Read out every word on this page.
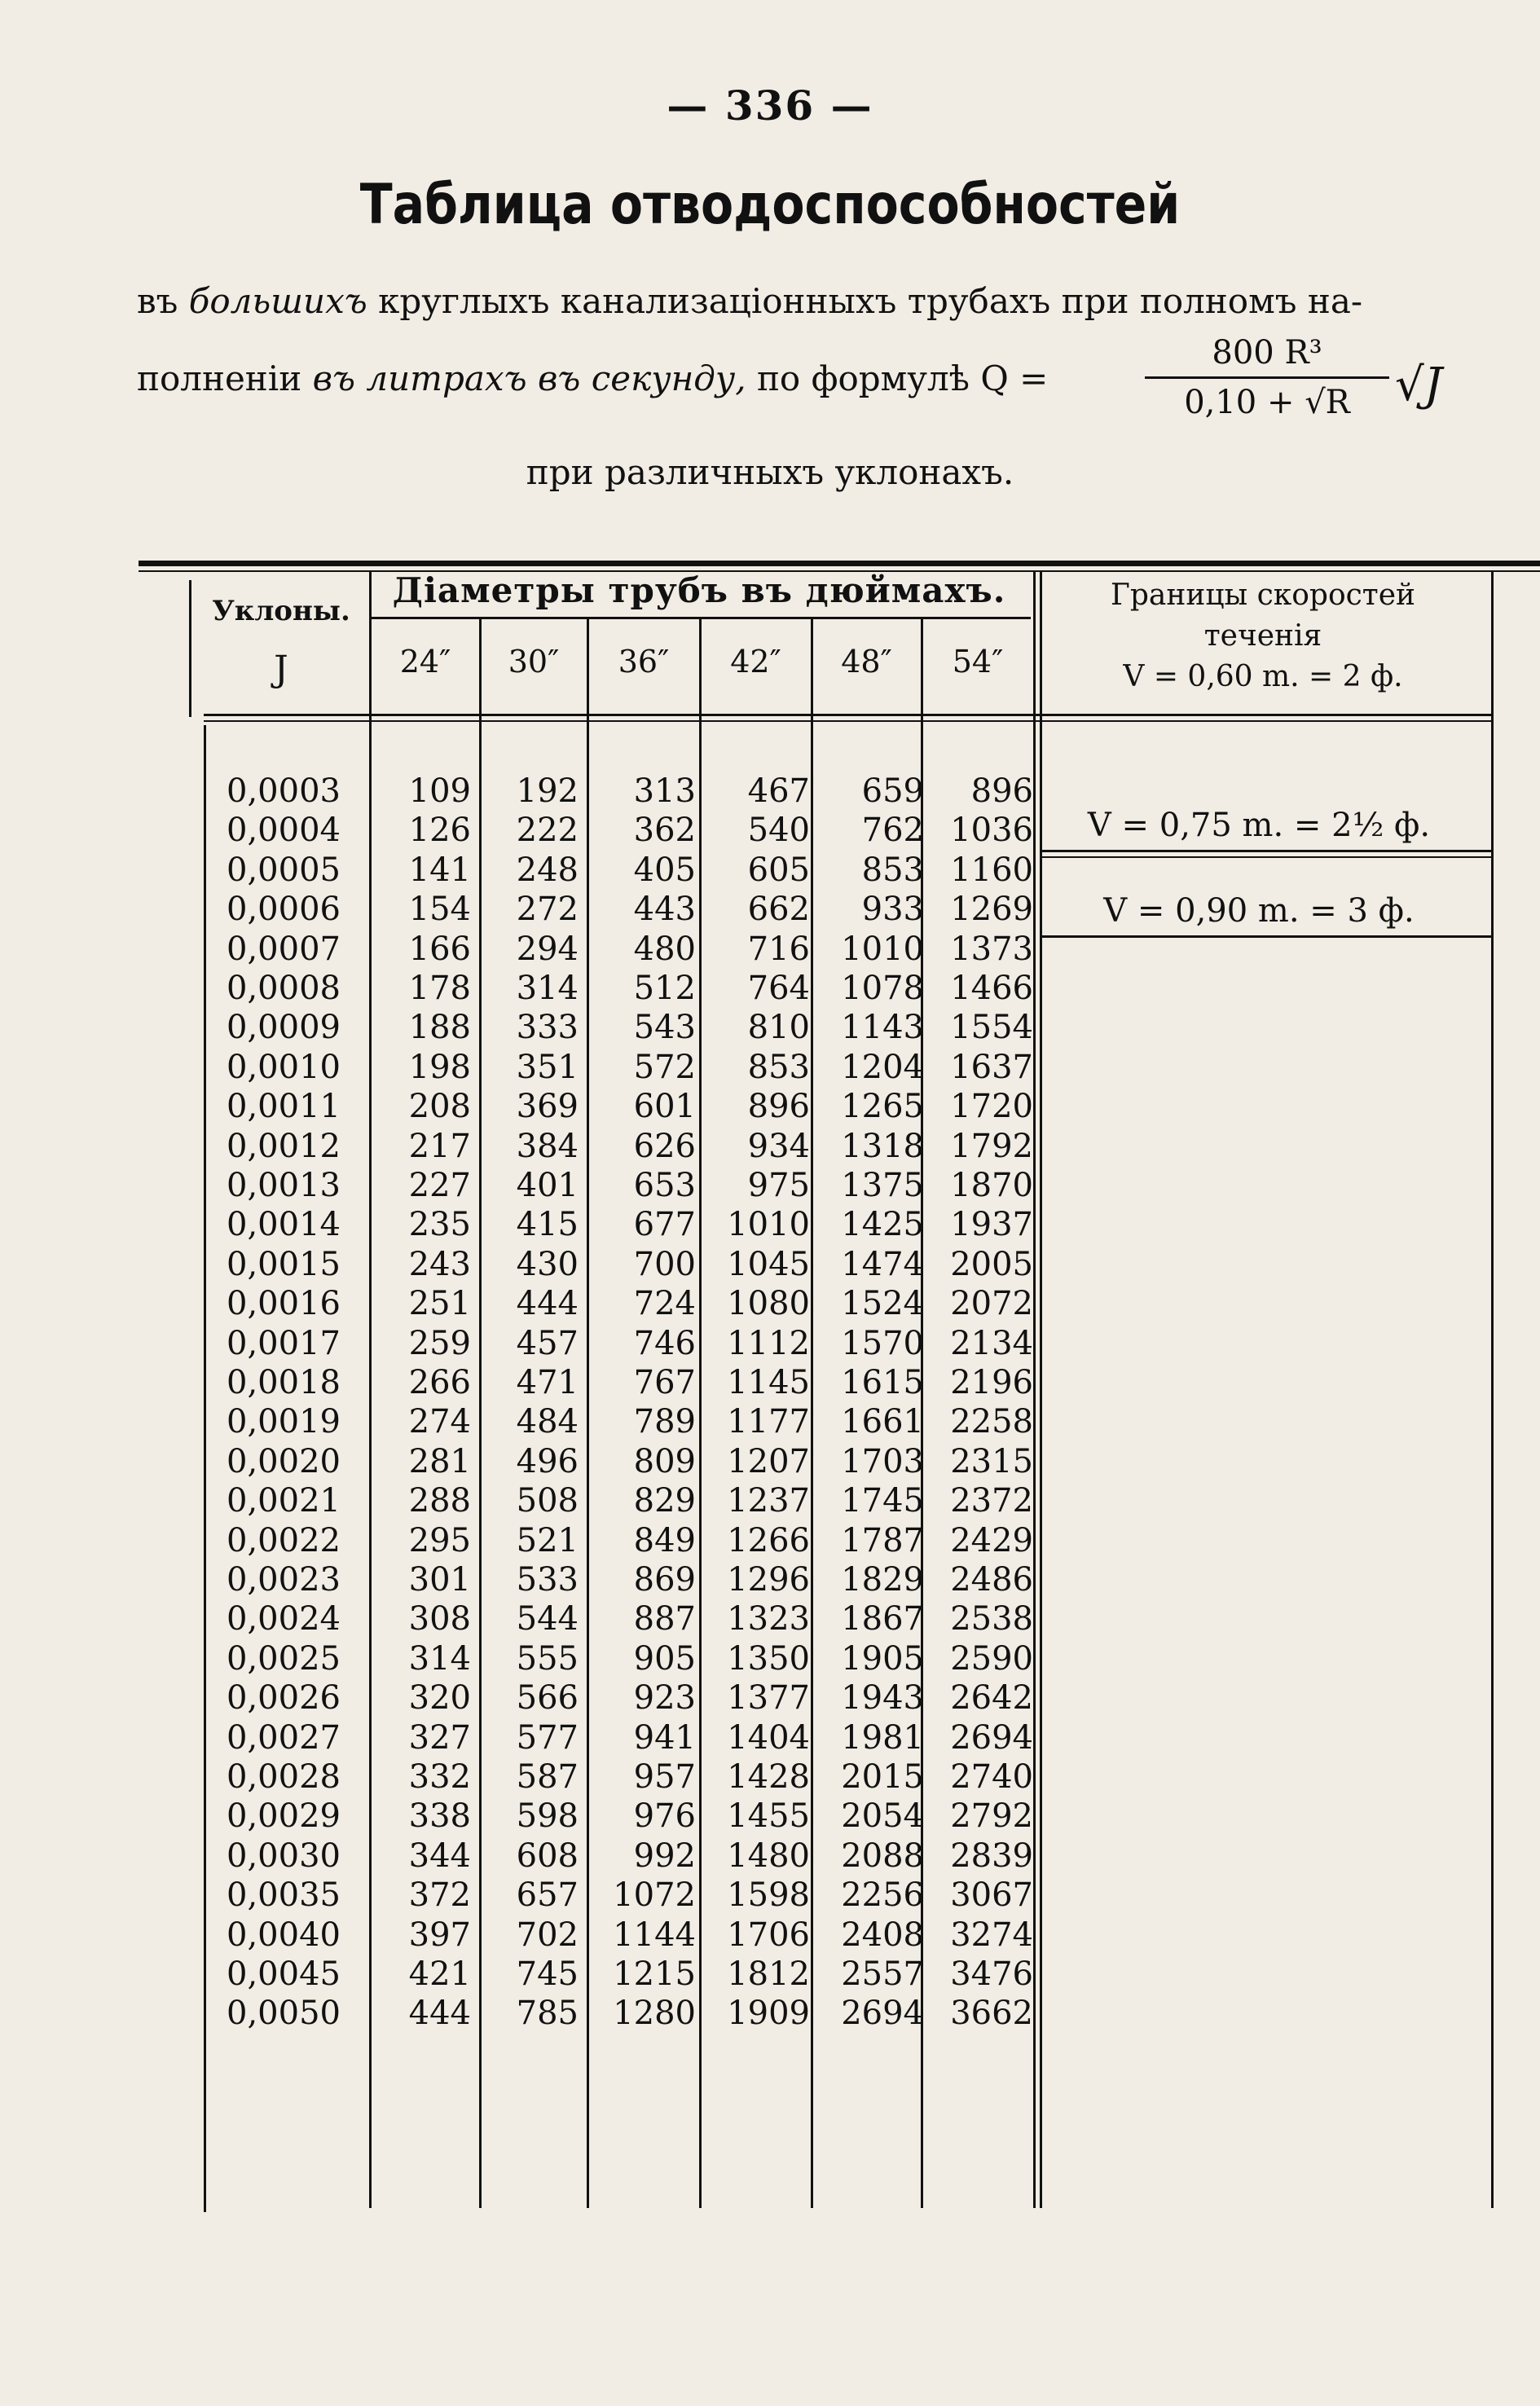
— 336 —
Таблица отводоспособностей
въ большихъ круглыхъ канализаціонныхъ трубахъ при полномъ на-
полненіи въ литрахъ въ секунду, по формулѣ Q =
800 R³
0,10 + √R √J
при различныхъ уклонахъ.
Уклоны.
J
Діаметры трубъ въ дюймахъ.
24″	30″	36″	42″	48″	54″
Границы скоростей
теченія
V = 0,60 m. = 2 ф.
V = 0,75 m. = 2½ ф.
V = 0,90 m. = 3 ф.
0,0003	109	192	313	467	659	896
0,0004	126	222	362	540	762 1036
0,0005	141	248	405	605	853 1160
0,0006	154	272	443	662	933 1269
0,0007	166	294	480	716 1010 1373
0,0008	178	314	512	764 1078 1466
0,0009	188	333	543	810 1143 1554
0,0010	198	351	572	853 1204 1637
0,0011	208	369	601	896 1265 1720
0,0012	217	384	626	934 1318 1792
0,0013	227	401	653	975 1375 1870
0,0014	235	415	677 1010 1425 1937
0,0015	243	430	700 1045 1474 2005
0,0016	251	444	724 1080 1524 2072
0,0017	259	457	746 1112 1570 2134
0,0018	266	471	767 1145 1615 2196
0,0019	274	484	789 1177 1661 2258
0,0020	281	496	809 1207 1703 2315
0,0021	288	508	829 1237 1745 2372
0,0022	295	521	849 1266 1787 2429
0,0023	301	533	869 1296 1829 2486
0,0024	308	544	887 1323 1867 2538
0,0025	314	555	905 1350 1905 2590
0,0026	320	566	923 1377 1943 2642
0,0027	327	577	941 1404 1981 2694
0,0028	332	587	957 1428 2015 2740
0,0029	338	598	976 1455 2054 2792
0,0030	344	608	992 1480 2088 2839
0,0035	372	657	1072 1598 2256 3067
0,0040	397	702	1144 1706 2408 3274
0,0045	421	745	1215 1812 2557 3476
0,0050	444	785	1280 1909 2694 3662
